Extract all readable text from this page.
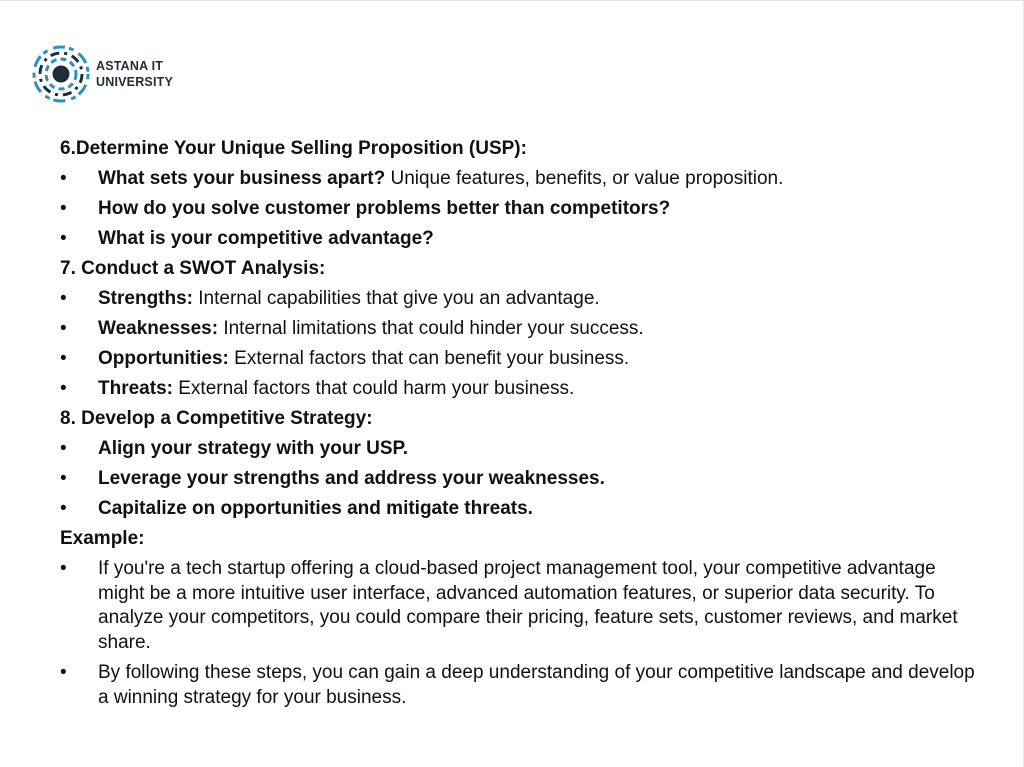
ASTANA IT
UNIVERSITY
6.Determine Your Unique Selling Proposition (USP):
•	What sets your business apart? Unique features, benefits, or value proposition.
•	How do you solve customer problems better than competitors?
•	What is your competitive advantage?
7. Conduct a SWOT Analysis:
•	Strengths: Internal capabilities that give you an advantage.
•	Weaknesses: Internal limitations that could hinder your success.
•	Opportunities: External factors that can benefit your business.
•	Threats: External factors that could harm your business.
8. Develop a Competitive Strategy:
•	Align your strategy with your USP.
•	Leverage your strengths and address your weaknesses.
•	Capitalize on opportunities and mitigate threats.
Example:
•	If you're a tech startup offering a cloud-based project management tool, your competitive advantage might be a more intuitive user interface, advanced automation features, or superior data security. To analyze your competitors, you could compare their pricing, feature sets, customer reviews, and market share.
•	By following these steps, you can gain a deep understanding of your competitive landscape and develop a winning strategy for your business.
